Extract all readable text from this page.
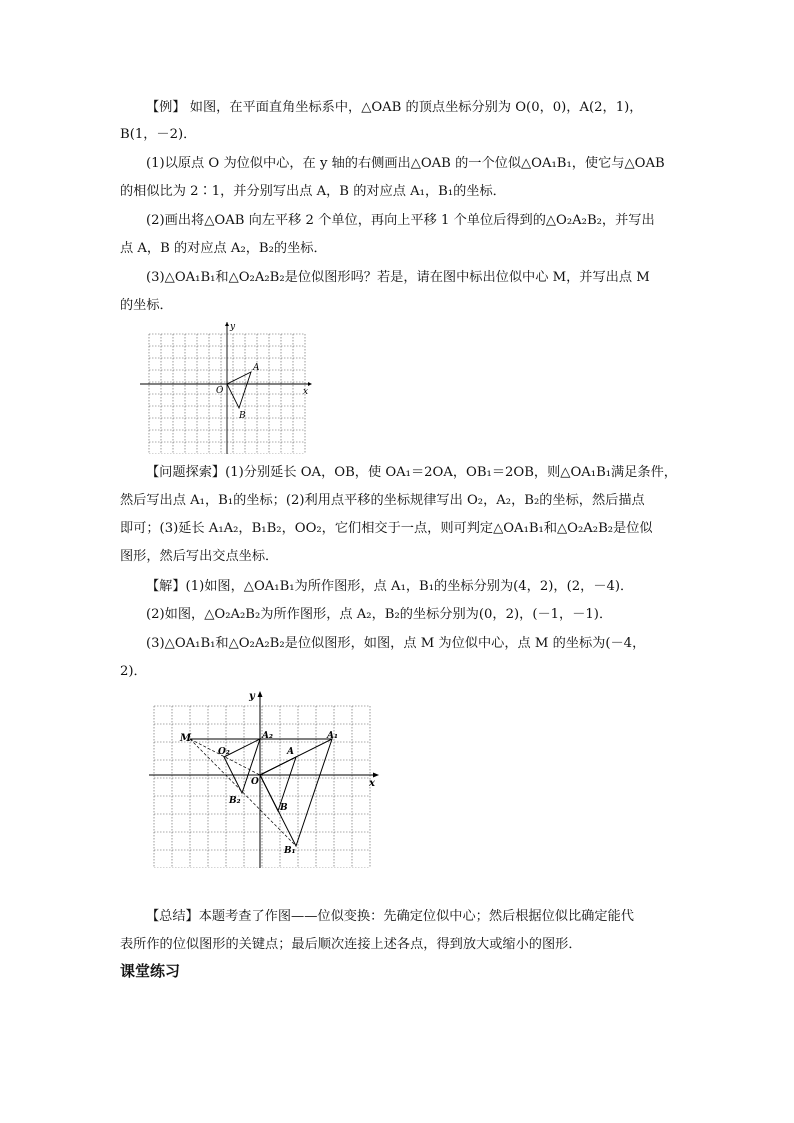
【例】 如图，在平面直角坐标系中，△OAB 的顶点坐标分别为 O(0，0)，A(2，1)，
B(1，－2)．
(1)以原点 O 为位似中心，在 y 轴的右侧画出△OAB 的一个位似△OA₁B₁，使它与△OAB
的相似比为 2∶1，并分别写出点 A，B 的对应点 A₁，B₁的坐标．
(2)画出将△OAB 向左平移 2 个单位，再向上平移 1 个单位后得到的△O₂A₂B₂，并写出
点 A，B 的对应点 A₂，B₂的坐标．
(3)△OA₁B₁和△O₂A₂B₂是位似图形吗？若是，请在图中标出位似中心 M，并写出点 M
的坐标．
y
x
O
A
B
【问题探索】(1)分别延长 OA，OB，使 OA₁＝2OA，OB₁＝2OB，则△OA₁B₁满足条件，
然后写出点 A₁，B₁的坐标；(2)利用点平移的坐标规律写出 O₂，A₂，B₂的坐标，然后描点
即可；(3)延长 A₁A₂，B₁B₂，OO₂，它们相交于一点，则可判定△OA₁B₁和△O₂A₂B₂是位似
图形，然后写出交点坐标．
【解】(1)如图，△OA₁B₁为所作图形，点 A₁，B₁的坐标分别为(4，2)，(2，－4)．
(2)如图，△O₂A₂B₂为所作图形，点 A₂，B₂的坐标分别为(0，2)，(－1，－1)．
(3)△OA₁B₁和△O₂A₂B₂是位似图形，如图，点 M 为位似中心，点 M 的坐标为(－4，
2)．
y
x
M
O₂
A₂
A
A₁
O
B₂
B
B₁
【总结】本题考查了作图——位似变换：先确定位似中心；然后根据位似比确定能代
表所作的位似图形的关键点；最后顺次连接上述各点，得到放大或缩小的图形．
课堂练习
